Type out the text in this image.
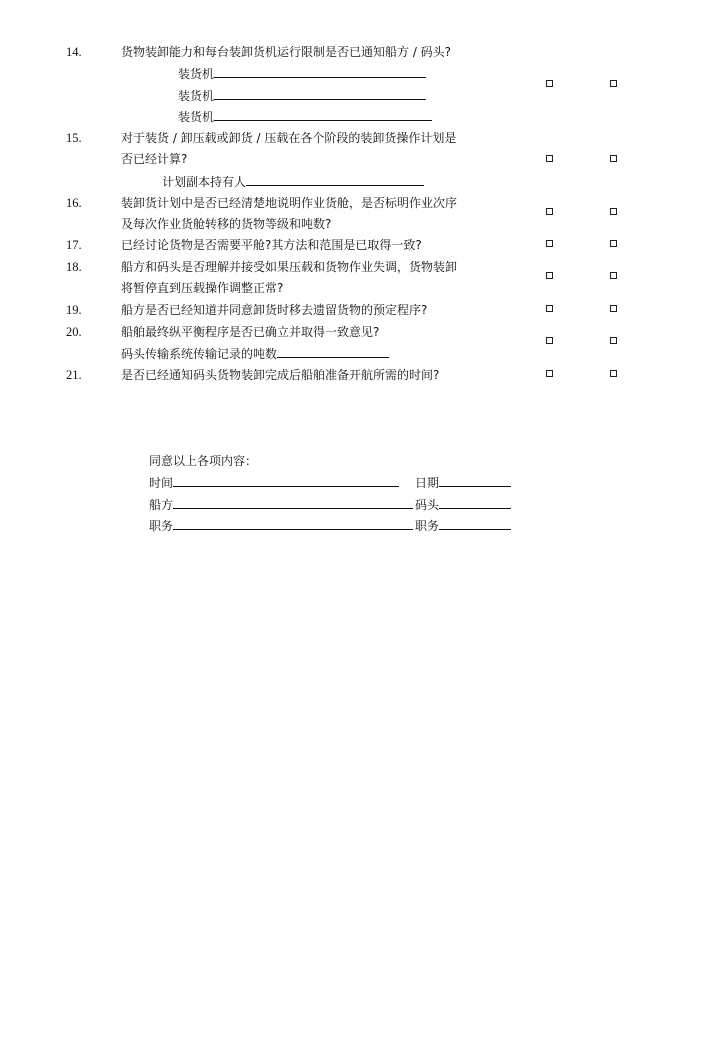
14.	货物装卸能力和每台装卸货机运行限制是否已通知船方 / 码头?
装货机
装货机
装货机
15.	对于装货 / 卸压载或卸货 / 压载在各个阶段的装卸货操作计划是
否已经计算?
计划副本持有人
16.	装卸货计划中是否已经清楚地说明作业货舱，是否标明作业次序
及每次作业货舱转移的货物等级和吨数?
17.	已经讨论货物是否需要平舱?其方法和范围是已取得一致?
18.	船方和码头是否理解并接受如果压载和货物作业失调，货物装卸
将暂停直到压载操作调整正常?
19.	船方是否已经知道并同意卸货时移去遗留货物的预定程序?
20.	船舶最终纵平衡程序是否已确立并取得一致意见?
码头传输系统传输记录的吨数
21.	是否已经通知码头货物装卸完成后船舶准备开航所需的时间?
同意以上各项内容：
时间	日期
船方	码头
职务	职务
